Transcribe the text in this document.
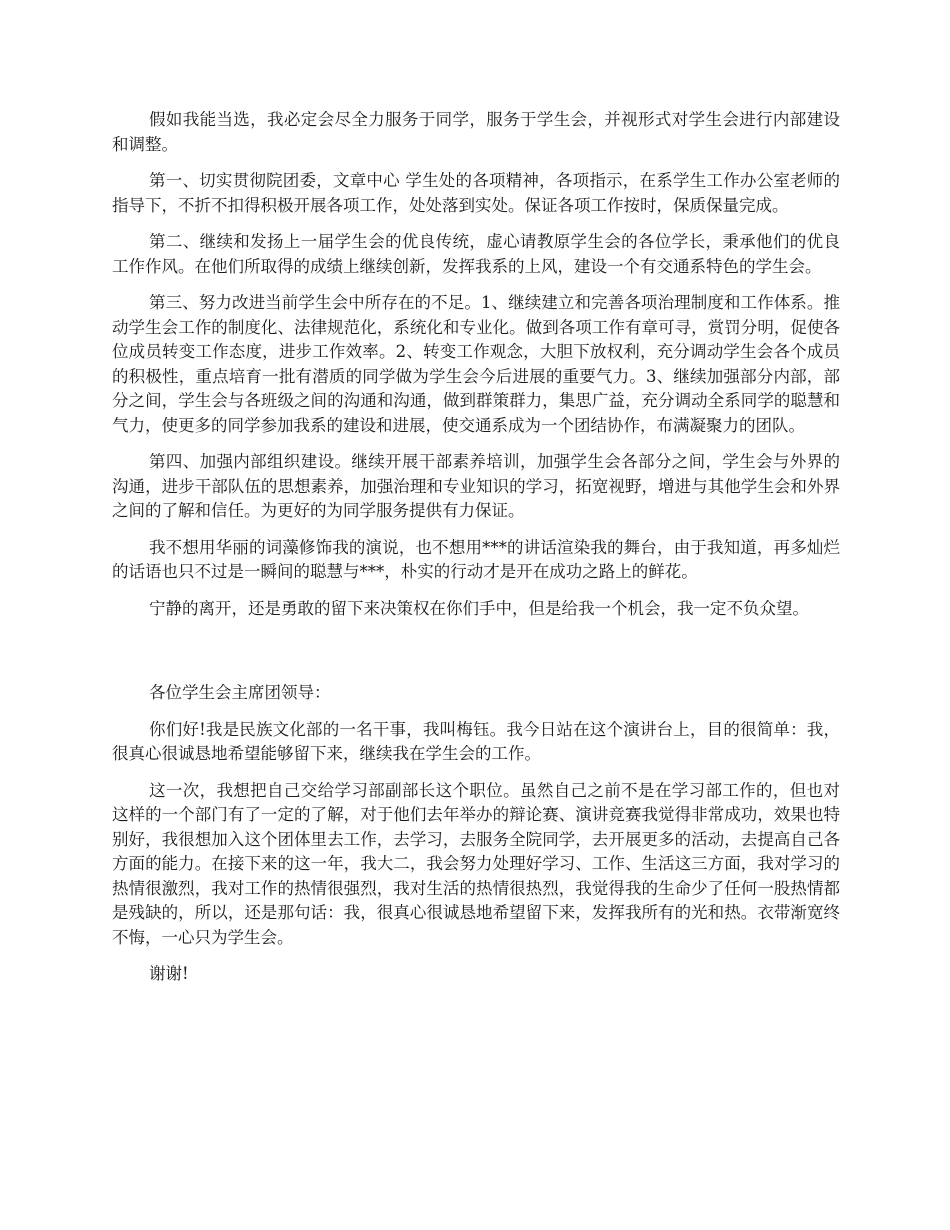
假如我能当选，我必定会尽全力服务于同学，服务于学生会，并视形式对学生会进行内部建设和调整。

第一、切实贯彻院团委，文章中心 学生处的各项精神，各项指示，在系学生工作办公室老师的指导下，不折不扣得积极开展各项工作，处处落到实处。保证各项工作按时，保质保量完成。

第二、继续和发扬上一届学生会的优良传统，虚心请教原学生会的各位学长，秉承他们的优良工作作风。在他们所取得的成绩上继续创新，发挥我系的上风，建设一个有交通系特色的学生会。

第三、努力改进当前学生会中所存在的不足。1、继续建立和完善各项治理制度和工作体系。推动学生会工作的制度化、法律规范化，系统化和专业化。做到各项工作有章可寻，赏罚分明，促使各位成员转变工作态度，进步工作效率。2、转变工作观念，大胆下放权利，充分调动学生会各个成员的积极性，重点培育一批有潜质的同学做为学生会今后进展的重要气力。3、继续加强部分内部，部分之间，学生会与各班级之间的沟通和沟通，做到群策群力，集思广益，充分调动全系同学的聪慧和气力，使更多的同学参加我系的建设和进展，使交通系成为一个团结协作，布满凝聚力的团队。

第四、加强内部组织建设。继续开展干部素养培训，加强学生会各部分之间，学生会与外界的沟通，进步干部队伍的思想素养，加强治理和专业知识的学习，拓宽视野，增进与其他学生会和外界之间的了解和信任。为更好的为同学服务提供有力保证。

我不想用华丽的词藻修饰我的演说，也不想用***的讲话渲染我的舞台，由于我知道，再多灿烂的话语也只不过是一瞬间的聪慧与***，朴实的行动才是开在成功之路上的鲜花。

宁静的离开，还是勇敢的留下来决策权在你们手中，但是给我一个机会，我一定不负众望。

各位学生会主席团领导：

你们好!我是民族文化部的一名干事，我叫梅钰。我今日站在这个演讲台上，目的很简单：我，很真心很诚恳地希望能够留下来，继续我在学生会的工作。

这一次，我想把自己交给学习部副部长这个职位。虽然自己之前不是在学习部工作的，但也对这样的一个部门有了一定的了解，对于他们去年举办的辩论赛、演讲竞赛我觉得非常成功，效果也特别好，我很想加入这个团体里去工作，去学习，去服务全院同学，去开展更多的活动，去提高自己各方面的能力。在接下来的这一年，我大二，我会努力处理好学习、工作、生活这三方面，我对学习的热情很激烈，我对工作的热情很强烈，我对生活的热情很热烈，我觉得我的生命少了任何一股热情都是残缺的，所以，还是那句话：我，很真心很诚恳地希望留下来，发挥我所有的光和热。衣带渐宽终不悔，一心只为学生会。

谢谢!
